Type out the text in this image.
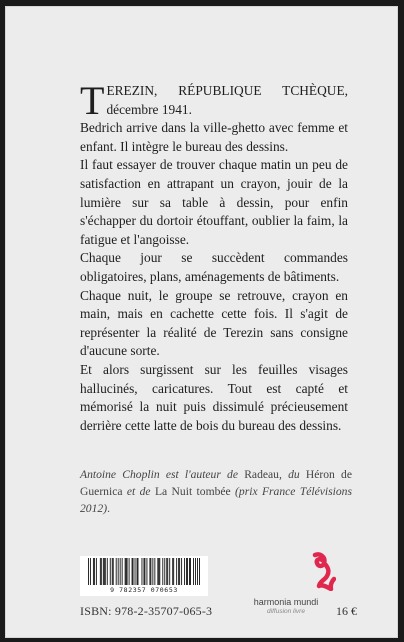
TEREZIN, RÉPUBLIQUE TCHÈQUE, décembre 1941.

Bedrich arrive dans la ville-ghetto avec femme et enfant. Il intègre le bureau des dessins.

Il faut essayer de trouver chaque matin un peu de satisfaction en attrapant un crayon, jouir de la lumière sur sa table à dessin, pour enfin s'échapper du dortoir étouffant, oublier la faim, la fatigue et l'angoisse.

Chaque jour se succèdent commandes obligatoires, plans, aménagements de bâtiments.

Chaque nuit, le groupe se retrouve, crayon en main, mais en cachette cette fois. Il s'agit de représenter la réalité de Terezin sans consigne d'aucune sorte.

Et alors surgissent sur les feuilles visages hallucinés, caricatures. Tout est capté et mémorisé la nuit puis dissimulé précieusement derrière cette latte de bois du bureau des dessins.

Antoine Choplin est l'auteur de Radeau, du Héron de Guernica et de La Nuit tombée (prix France Télévisions 2012).
9 782357 070653
ISBN: 978-2-35707-065-3
harmonia mundi
diffusion livre	16 €
